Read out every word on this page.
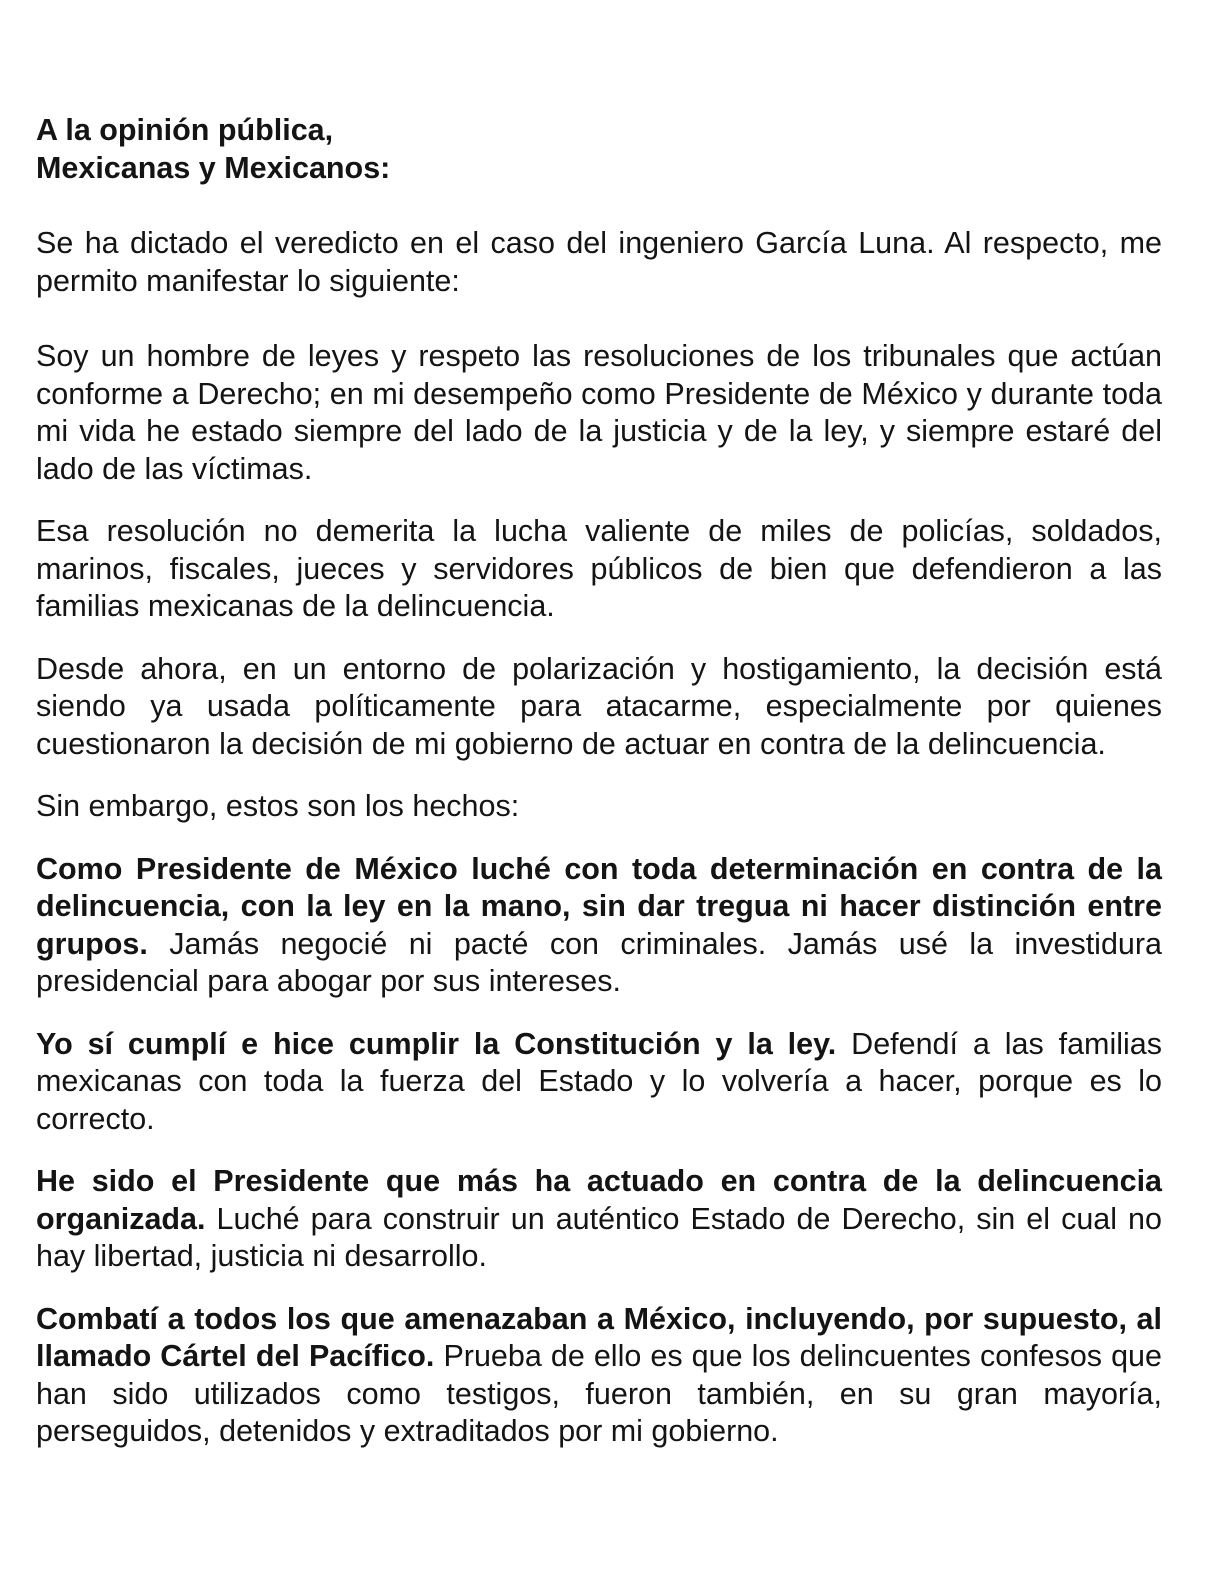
A la opinión pública,
Mexicanas y Mexicanos:

Se ha dictado el veredicto en el caso del ingeniero García Luna. Al respecto, me permito manifestar lo siguiente:

Soy un hombre de leyes y respeto las resoluciones de los tribunales que actúan conforme a Derecho; en mi desempeño como Presidente de México y durante toda mi vida he estado siempre del lado de la justicia y de la ley, y siempre estaré del lado de las víctimas.

Esa resolución no demerita la lucha valiente de miles de policías, soldados, marinos, fiscales, jueces y servidores públicos de bien que defendieron a las familias mexicanas de la delincuencia.

Desde ahora, en un entorno de polarización y hostigamiento, la decisión está siendo ya usada políticamente para atacarme, especialmente por quienes cuestionaron la decisión de mi gobierno de actuar en contra de la delincuencia.

Sin embargo, estos son los hechos:

Como Presidente de México luché con toda determinación en contra de la delincuencia, con la ley en la mano, sin dar tregua ni hacer distinción entre grupos. Jamás negocié ni pacté con criminales. Jamás usé la investidura presidencial para abogar por sus intereses.

Yo sí cumplí e hice cumplir la Constitución y la ley. Defendí a las familias mexicanas con toda la fuerza del Estado y lo volvería a hacer, porque es lo correcto.

He sido el Presidente que más ha actuado en contra de la delincuencia organizada. Luché para construir un auténtico Estado de Derecho, sin el cual no hay libertad, justicia ni desarrollo.

Combatí a todos los que amenazaban a México, incluyendo, por supuesto, al llamado Cártel del Pacífico. Prueba de ello es que los delincuentes confesos que han sido utilizados como testigos, fueron también, en su gran mayoría, perseguidos, detenidos y extraditados por mi gobierno.
